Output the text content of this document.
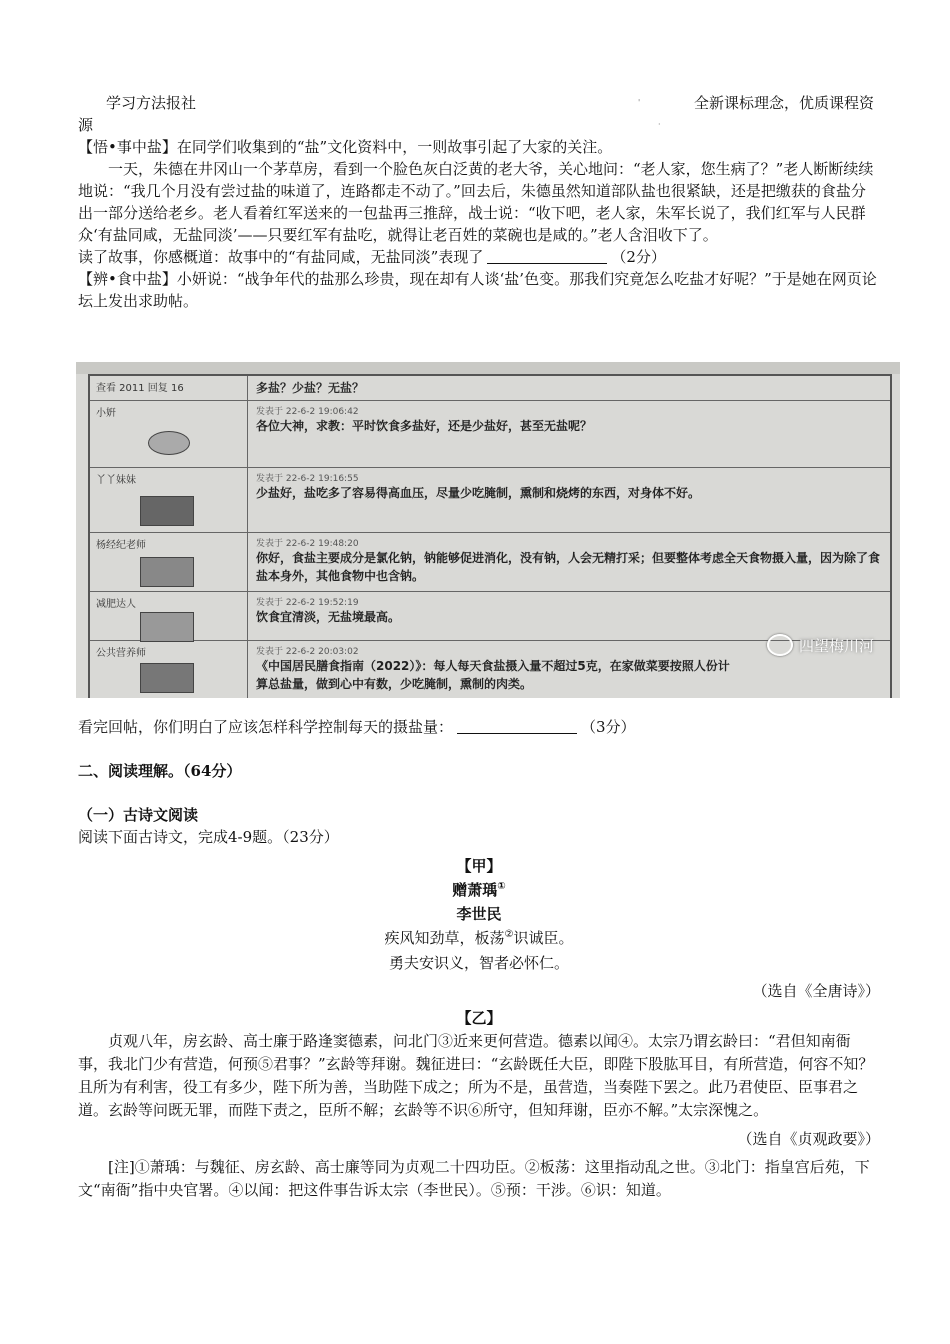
学习方法报社	'	全新课标理念，优质课程资
源	·

【悟•事中盐】在同学们收集到的“盐”文化资料中，一则故事引起了大家的关注。

一天，朱德在井冈山一个茅草房，看到一个脸色灰白泛黄的老大爷，关心地问：“老人家，您生病了？”老人断断续续地说：“我几个月没有尝过盐的味道了，连路都走不动了。”回去后，朱德虽然知道部队盐也很紧缺，还是把缴获的食盐分出一部分送给老乡。老人看着红军送来的一包盐再三推辞，战士说：“收下吧，老人家，朱军长说了，我们红军与人民群众‘有盐同咸，无盐同淡’——只要红军有盐吃，就得让老百姓的菜碗也是咸的。”老人含泪收下了。

读了故事，你感概道：故事中的“有盐同咸，无盐同淡”表现了	（2分）

【辨•食中盐】小妍说：“战争年代的盐那么珍贵，现在却有人谈‘盐’色变。那我们究竟怎么吃盐才好呢？”于是她在网页论坛上发出求助帖。

查看 2011 回复 16	多盐？少盐？无盐？
小姸	发表于 22-6-2 19:06:42
各位大神，求教：平时饮食多盐好，还是少盐好，甚至无盐呢？
丫丫妹妹	发表于 22-6-2 19:16:55
少盐好，盐吃多了容易得高血压，尽量少吃腌制，熏制和烧烤的东西，对身体不好。
杨经纪老师	发表于 22-6-2 19:48:20
你好，食盐主要成分是氯化钠，钠能够促进消化，没有钠，人会无精打采；但要整体考虑全天食物摄入量，因为除了食盐本身外，其他食物中也含钠。
减肥达人	发表于 22-6-2 19:52:19
饮食宜清淡，无盐境最高。
公共营养师	发表于 22-6-2 20:03:02
《中国居民膳食指南（2022）》：每人每天食盐摄入量不超过5克，在家做菜要按照人份计算总盐量，做到心中有数，少吃腌制，熏制的肉类。
四望梅川河

看完回帖，你们明白了应该怎样科学控制每天的摄盐量：	（3分）

二、阅读理解。（64分）

（一）古诗文阅读

阅读下面古诗文，完成4-9题。（23分）

【甲】

赠萧瑀①

李世民

疾风知劲草，板荡②识诚臣。

勇夫安识义，智者必怀仁。

（选自《全唐诗》）

【乙】

贞观八年，房玄龄、高士廉于路逢窦德素，问北门③近来更何营造。德素以闻④。太宗乃谓玄龄曰：“君但知南衙事，我北门少有营造，何预⑤君事？”玄龄等拜谢。魏征进曰：“玄龄既任大臣，即陛下股肱耳目，有所营造，何容不知？且所为有利害，役工有多少，陛下所为善，当助陛下成之；所为不是，虽营造，当奏陛下罢之。此乃君使臣、臣事君之道。玄龄等问既无罪，而陛下责之，臣所不解；玄龄等不识⑥所守，但知拜谢，臣亦不解。”太宗深愧之。

（选自《贞观政要》）

[注]①萧瑀：与魏征、房玄龄、高士廉等同为贞观二十四功臣。②板荡：这里指动乱之世。③北门：指皇宫后苑，下文“南衙”指中央官署。④以闻：把这件事告诉太宗（李世民）。⑤预：干涉。⑥识：知道。
